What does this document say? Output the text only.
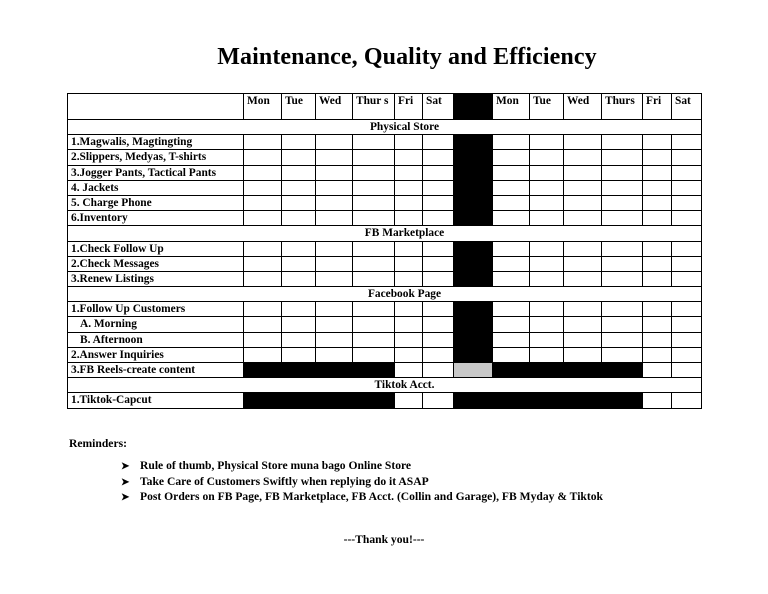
Maintenance, Quality and Efficiency
	Mon	Tue	Wed	Thur s	Fri	Sat		Mon	Tue	Wed	Thurs	Fri	Sat
Physical Store													
1.Magwalis, Magtingting													
2.Slippers, Medyas, T-shirts													
3.Jogger Pants, Tactical Pants													
4. Jackets													
5. Charge Phone													
6.Inventory													
FB Marketplace													
1.Check Follow Up													
2.Check Messages													
3.Renew Listings													
Facebook Page													
1.Follow Up Customers													
A. Morning													
B. Afternoon													
2.Answer Inquiries													
3.FB Reels-create content													
Tiktok Acct.													
1.Tiktok-Capcut													
Reminders:
➤ Rule of thumb, Physical Store muna bago Online Store
➤ Take Care of Customers Swiftly when replying do it ASAP
➤ Post Orders on FB Page, FB Marketplace, FB Acct. (Collin and Garage), FB Myday & Tiktok
---Thank you!---
